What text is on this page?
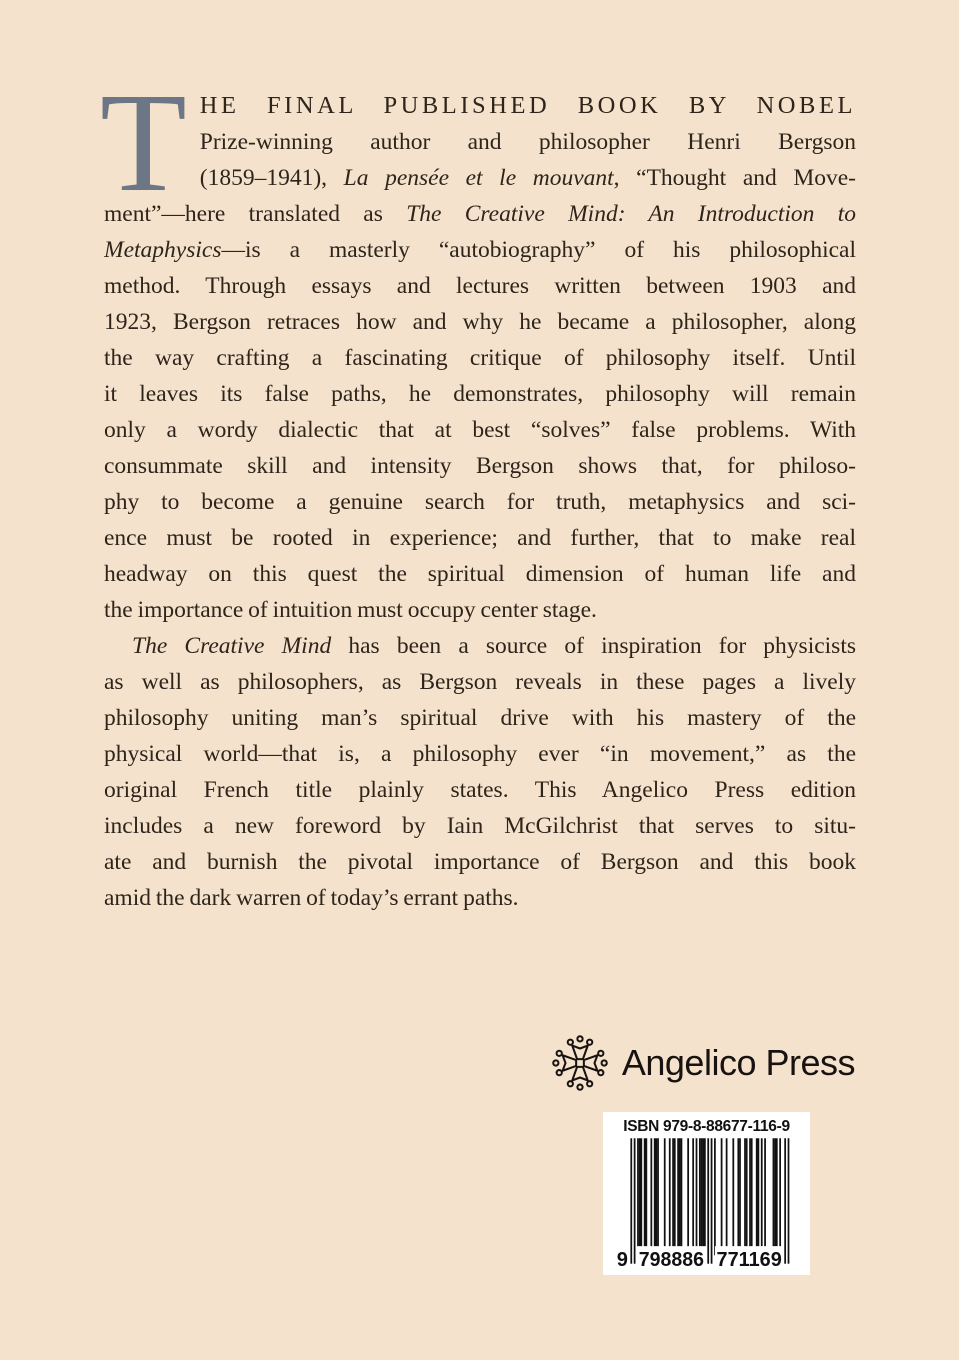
T HE FINAL PUBLISHED BOOK BY NOBEL
Prize-winning author and philosopher Henri Bergson
(1859–1941), La pensée et le mouvant, “Thought and Move-
ment”—here translated as The Creative Mind: An Introduction to
Metaphysics—is a masterly “autobiography” of his philosophical
method. Through essays and lectures written between 1903 and
1923, Bergson retraces how and why he became a philosopher, along
the way crafting a fascinating critique of philosophy itself. Until
it leaves its false paths, he demonstrates, philosophy will remain
only a wordy dialectic that at best “solves” false problems. With
consummate skill and intensity Bergson shows that, for philoso-
phy to become a genuine search for truth, metaphysics and sci-
ence must be rooted in experience; and further, that to make real
headway on this quest the spiritual dimension of human life and
the importance of intuition must occupy center stage.
The Creative Mind has been a source of inspiration for physicists
as well as philosophers, as Bergson reveals in these pages a lively
philosophy uniting man’s spiritual drive with his mastery of the
physical world—that is, a philosophy ever “in movement,” as the
original French title plainly states. This Angelico Press edition
includes a new foreword by Iain McGilchrist that serves to situ-
ate and burnish the pivotal importance of Bergson and this book
amid the dark warren of today’s errant paths.
Angelico Press
ISBN 979-8-88677-116-9
9 798886 771169
